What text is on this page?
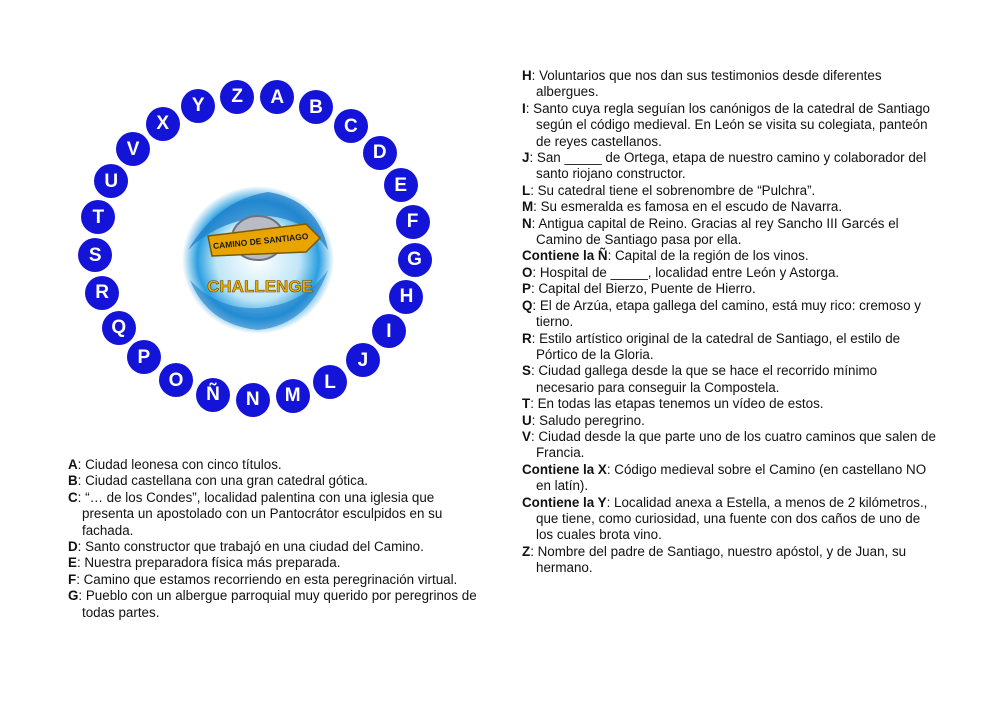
A	B
C
D
E
F
G
H
I
J
L
M
N
Ñ
O
P
Q
R
S
T
U
V
X
Y	Z
CAMINO DE SANTIAGO
CHALLENGE

A: Ciudad leonesa con cinco títulos.

B: Ciudad castellana con una gran catedral gótica.

C: “… de los Condes”, localidad palentina con una iglesia que presenta un apostolado con un Pantocrátor esculpidos en su fachada.

D: Santo constructor que trabajó en una ciudad del Camino.

E: Nuestra preparadora física más preparada.

F: Camino que estamos recorriendo en esta peregrinación virtual.

G: Pueblo con un albergue parroquial muy querido por peregrinos de todas partes.

H: Voluntarios que nos dan sus testimonios desde diferentes albergues.

I: Santo cuya regla seguían los canónigos de la catedral de Santiago según el código medieval. En León se visita su colegiata, panteón de reyes castellanos.

J: San _____ de Ortega, etapa de nuestro camino y colaborador del santo riojano constructor.

L: Su catedral tiene el sobrenombre de “Pulchra”.

M: Su esmeralda es famosa en el escudo de Navarra.

N: Antigua capital de Reino. Gracias al rey Sancho III Garcés el Camino de Santiago pasa por ella.

Contiene la Ñ: Capital de la región de los vinos.

O: Hospital de _____, localidad entre León y Astorga.

P: Capital del Bierzo, Puente de Hierro.

Q: El de Arzúa, etapa gallega del camino, está muy rico: cremoso y tierno.

R: Estilo artístico original de la catedral de Santiago, el estilo de Pórtico de la Gloria.

S: Ciudad gallega desde la que se hace el recorrido mínimo necesario para conseguir la Compostela.

T: En todas las etapas tenemos un vídeo de estos.

U: Saludo peregrino.

V: Ciudad desde la que parte uno de los cuatro caminos que salen de Francia.

Contiene la X: Código medieval sobre el Camino (en castellano NO en latín).

Contiene la Y: Localidad anexa a Estella, a menos de 2 kilómetros., que tiene, como curiosidad, una fuente con dos caños de uno de los cuales brota vino.

Z: Nombre del padre de Santiago, nuestro apóstol, y de Juan, su hermano.
